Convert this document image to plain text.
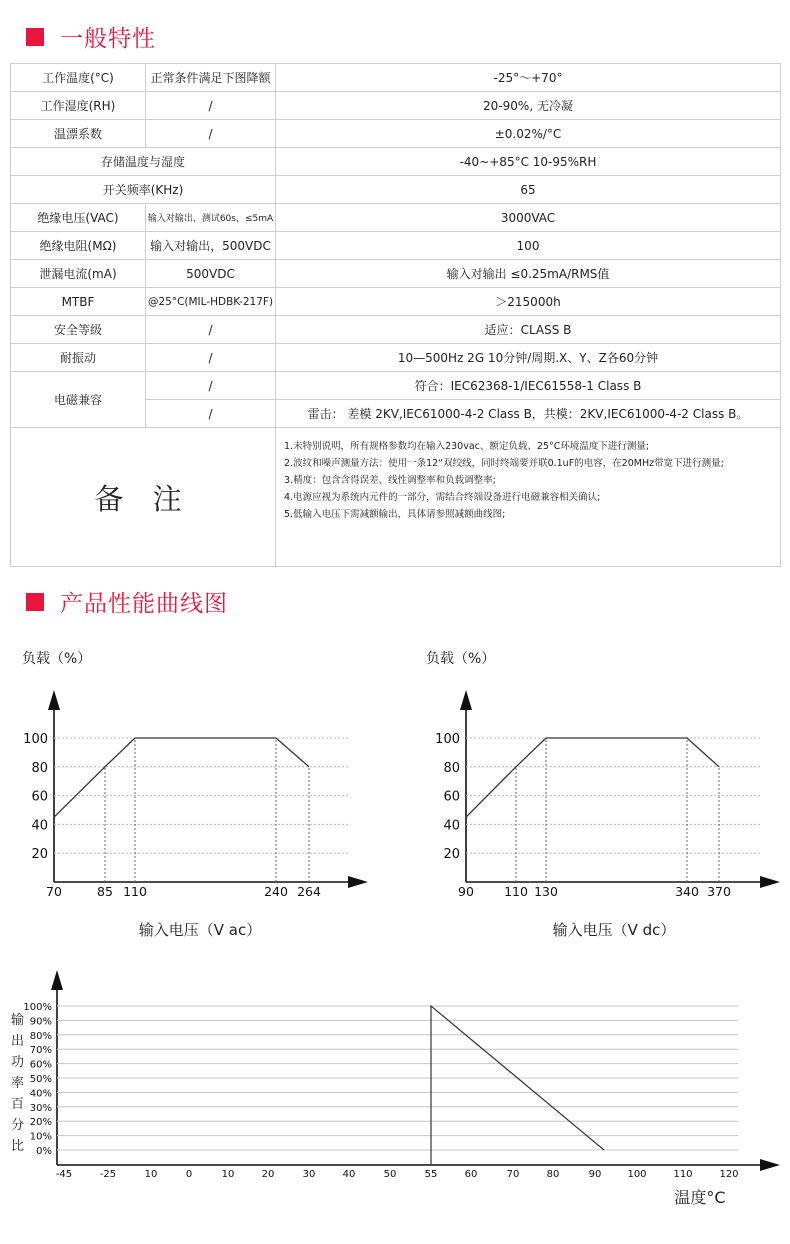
一般特性
工作温度(°C)	正常条件满足下图降额	-25°～+70°
工作湿度(RH)	/	20-90%, 无冷凝
温漂系数	/	±0.02%/°C
存储温度与湿度		-40~+85°C 10-95%RH
开关频率(KHz)		65
绝缘电压(VAC)	输入对输出，测试60s，≤5mA	3000VAC
绝缘电阻(MΩ)	输入对输出，500VDC	100
泄漏电流(mA)	500VDC	输入对输出 ≤0.25mA/RMS值
MTBF	@25°C(MIL-HDBK-217F)	＞215000h
安全等级	/	适应：CLASS B
耐振动	/	10—500Hz 2G 10分钟/周期.X、Y、Z各60分钟
电磁兼容	/	符合：IEC62368-1/IEC61558-1 Class B
	/	雷击： 差模 2KV,IEC61000-4-2 Class B，共模：2KV,IEC61000-4-2 Class B。
备 注		1.未特别说明，所有规格参数均在输入230vac、额定负载、25°C环境温度下进行测量;
2.波纹和噪声测量方法：使用一条12“双绞线，同时终端要并联0.1uF的电容，在20MHz带宽下进行测量;
3.精度：包含含得误差、线性调整率和负载调整率;
4.电源应视为系统内元件的一部分，需结合终端设备进行电磁兼容相关确认;
5.低输入电压下需减额输出，具体请参照减额曲线图;
产品性能曲线图
负载（%）
20
40
60
80
100
70	85 110	240 264
输入电压（V ac）
负载（%）
20
40
60
80
100
90 110 130	340 370
输入电压（V dc）
0%
10%
20%
30%
40%
50%
60%
70%
80%
90%
100%
-45	-25	10	0	10	20	30	40	50	55	60	70	80	90	100	110	120
输
出
功
率
百
分
比
温度°C
